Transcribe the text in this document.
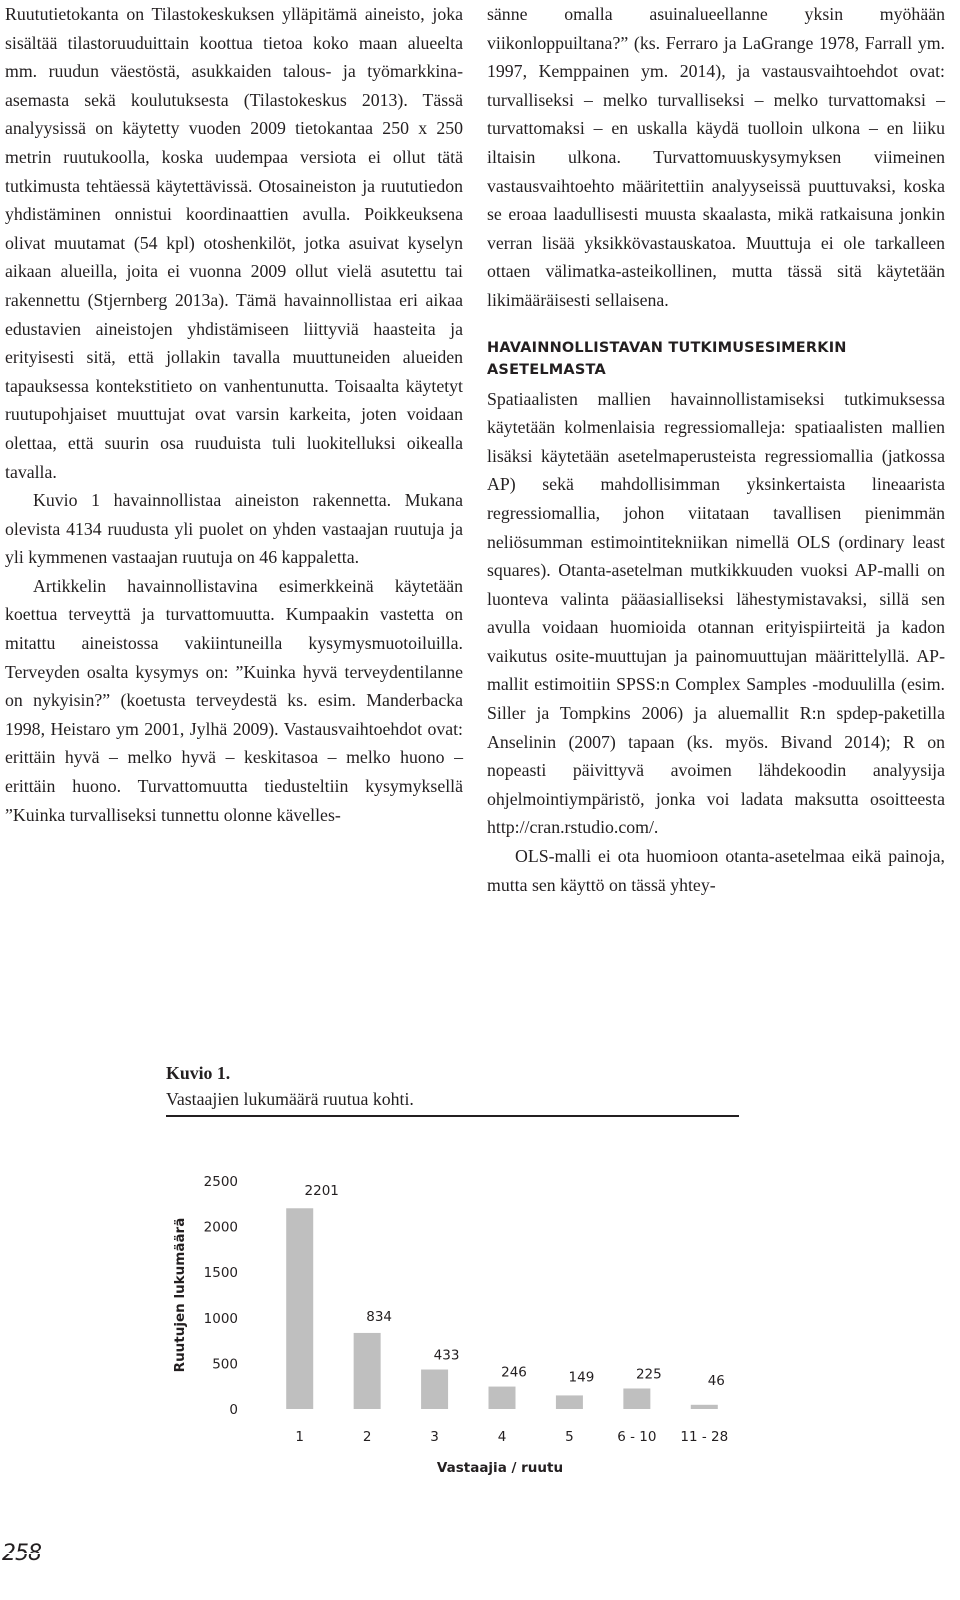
Ruututietokanta on Tilastokeskuksen ylläpitämä aineisto, joka sisältää tilastoruuduittain koottua tietoa koko maan alueelta mm. ruudun väestöstä, asukkaiden talous- ja työmarkkina-asemasta sekä koulutuksesta (Tilastokeskus 2013). Tässä analyysissä on käytetty vuoden 2009 tietokantaa 250 x 250 metrin ruutukoolla, koska uudempaa versiota ei ollut tätä tutkimusta tehtäessä käytettävissä. Otosaineiston ja ruututiedon yhdistäminen onnistui koordinaattien avulla. Poikkeuksena olivat muutamat (54 kpl) otoshenkilöt, jotka asuivat kyselyn aikaan alueilla, joita ei vuonna 2009 ollut vielä asutettu tai rakennettu (Stjernberg 2013a). Tämä havainnollistaa eri aikaa edustavien aineistojen yhdistämiseen liittyviä haasteita ja erityisesti sitä, että jollakin tavalla muuttuneiden alueiden tapauksessa kontekstitieto on vanhentunutta. Toisaalta käytetyt ruutupohjaiset muuttujat ovat varsin karkeita, joten voidaan olettaa, että suurin osa ruuduista tuli luokitelluksi oikealla tavalla.

Kuvio 1 havainnollistaa aineiston rakennetta. Mukana olevista 4134 ruudusta yli puolet on yhden vastaajan ruutuja ja yli kymmenen vastaajan ruutuja on 46 kappaletta.

Artikkelin havainnollistavina esimerkkeinä käytetään koettua terveyttä ja turvattomuutta. Kumpaakin vastetta on mitattu aineistossa vakiintuneilla kysymysmuotoiluilla. Terveyden osalta kysymys on: ”Kuinka hyvä terveydentilanne on nykyisin?” (koetusta terveydestä ks. esim. Manderbacka 1998, Heistaro ym 2001, Jylhä 2009). Vastausvaihtoehdot ovat: erittäin hyvä – melko hyvä – keskitasoa – melko huono – erittäin huono. Turvattomuutta tiedusteltiin kysymyksellä ”Kuinka turvalliseksi tunnettu olonne kävelles-

sänne omalla asuinalueellanne yksin myöhään viikonloppuiltana?” (ks. Ferraro ja LaGrange 1978, Farrall ym. 1997, Kemppainen ym. 2014), ja vastausvaihtoehdot ovat: turvalliseksi – melko turvalliseksi – melko turvattomaksi – turvattomaksi – en uskalla käydä tuolloin ulkona – en liiku iltaisin ulkona. Turvattomuuskysymyksen viimeinen vastausvaihtoehto määritettiin analyyseissä puuttuvaksi, koska se eroaa laadullisesti muusta skaalasta, mikä ratkaisuna jonkin verran lisää yksikkövastauskatoa. Muuttuja ei ole tarkalleen ottaen välimatka-asteikollinen, mutta tässä sitä käytetään likimääräisesti sellaisena.

HAVAINNOLLISTAVAN TUTKIMUSESIMERKIN ASETELMASTA

Spatiaalisten mallien havainnollistamiseksi tutkimuksessa käytetään kolmenlaisia regressiomalleja: spatiaalisten mallien lisäksi käytetään asetelmaperusteista regressiomallia (jatkossa AP) sekä mahdollisimman yksinkertaista lineaarista regressiomallia, johon viitataan tavallisen pienimmän neliösumman estimointitekniikan nimellä OLS (ordinary least squares). Otanta-asetelman mutkikkuuden vuoksi AP-malli on luonteva valinta pääasialliseksi lähestymistavaksi, sillä sen avulla voidaan huomioida otannan erityispiirteitä ja kadon vaikutus osite-muuttujan ja painomuuttujan määrittelyllä. AP-mallit estimoitiin SPSS:n Complex Samples -moduulilla (esim. Siller ja Tompkins 2006) ja aluemallit R:n spdep-paketilla Anselinin (2007) tapaan (ks. myös. Bivand 2014); R on nopeasti päivittyvä avoimen lähdekoodin analyysija ohjelmointiympäristö, jonka voi ladata maksutta osoitteesta http://cran.rstudio.com/.

OLS-malli ei ota huomioon otanta-asetelmaa eikä painoja, mutta sen käyttö on tässä yhtey-

Kuvio 1.
Vastaajien lukumäärä ruutua kohti.
0
500
1000
1500
2000
2500
1
2201
2
834
3
433
4
246
5
149
6 - 10
225
11 - 28
46
Vastaajia / ruutu
Ruutujen lukumäärä
258
